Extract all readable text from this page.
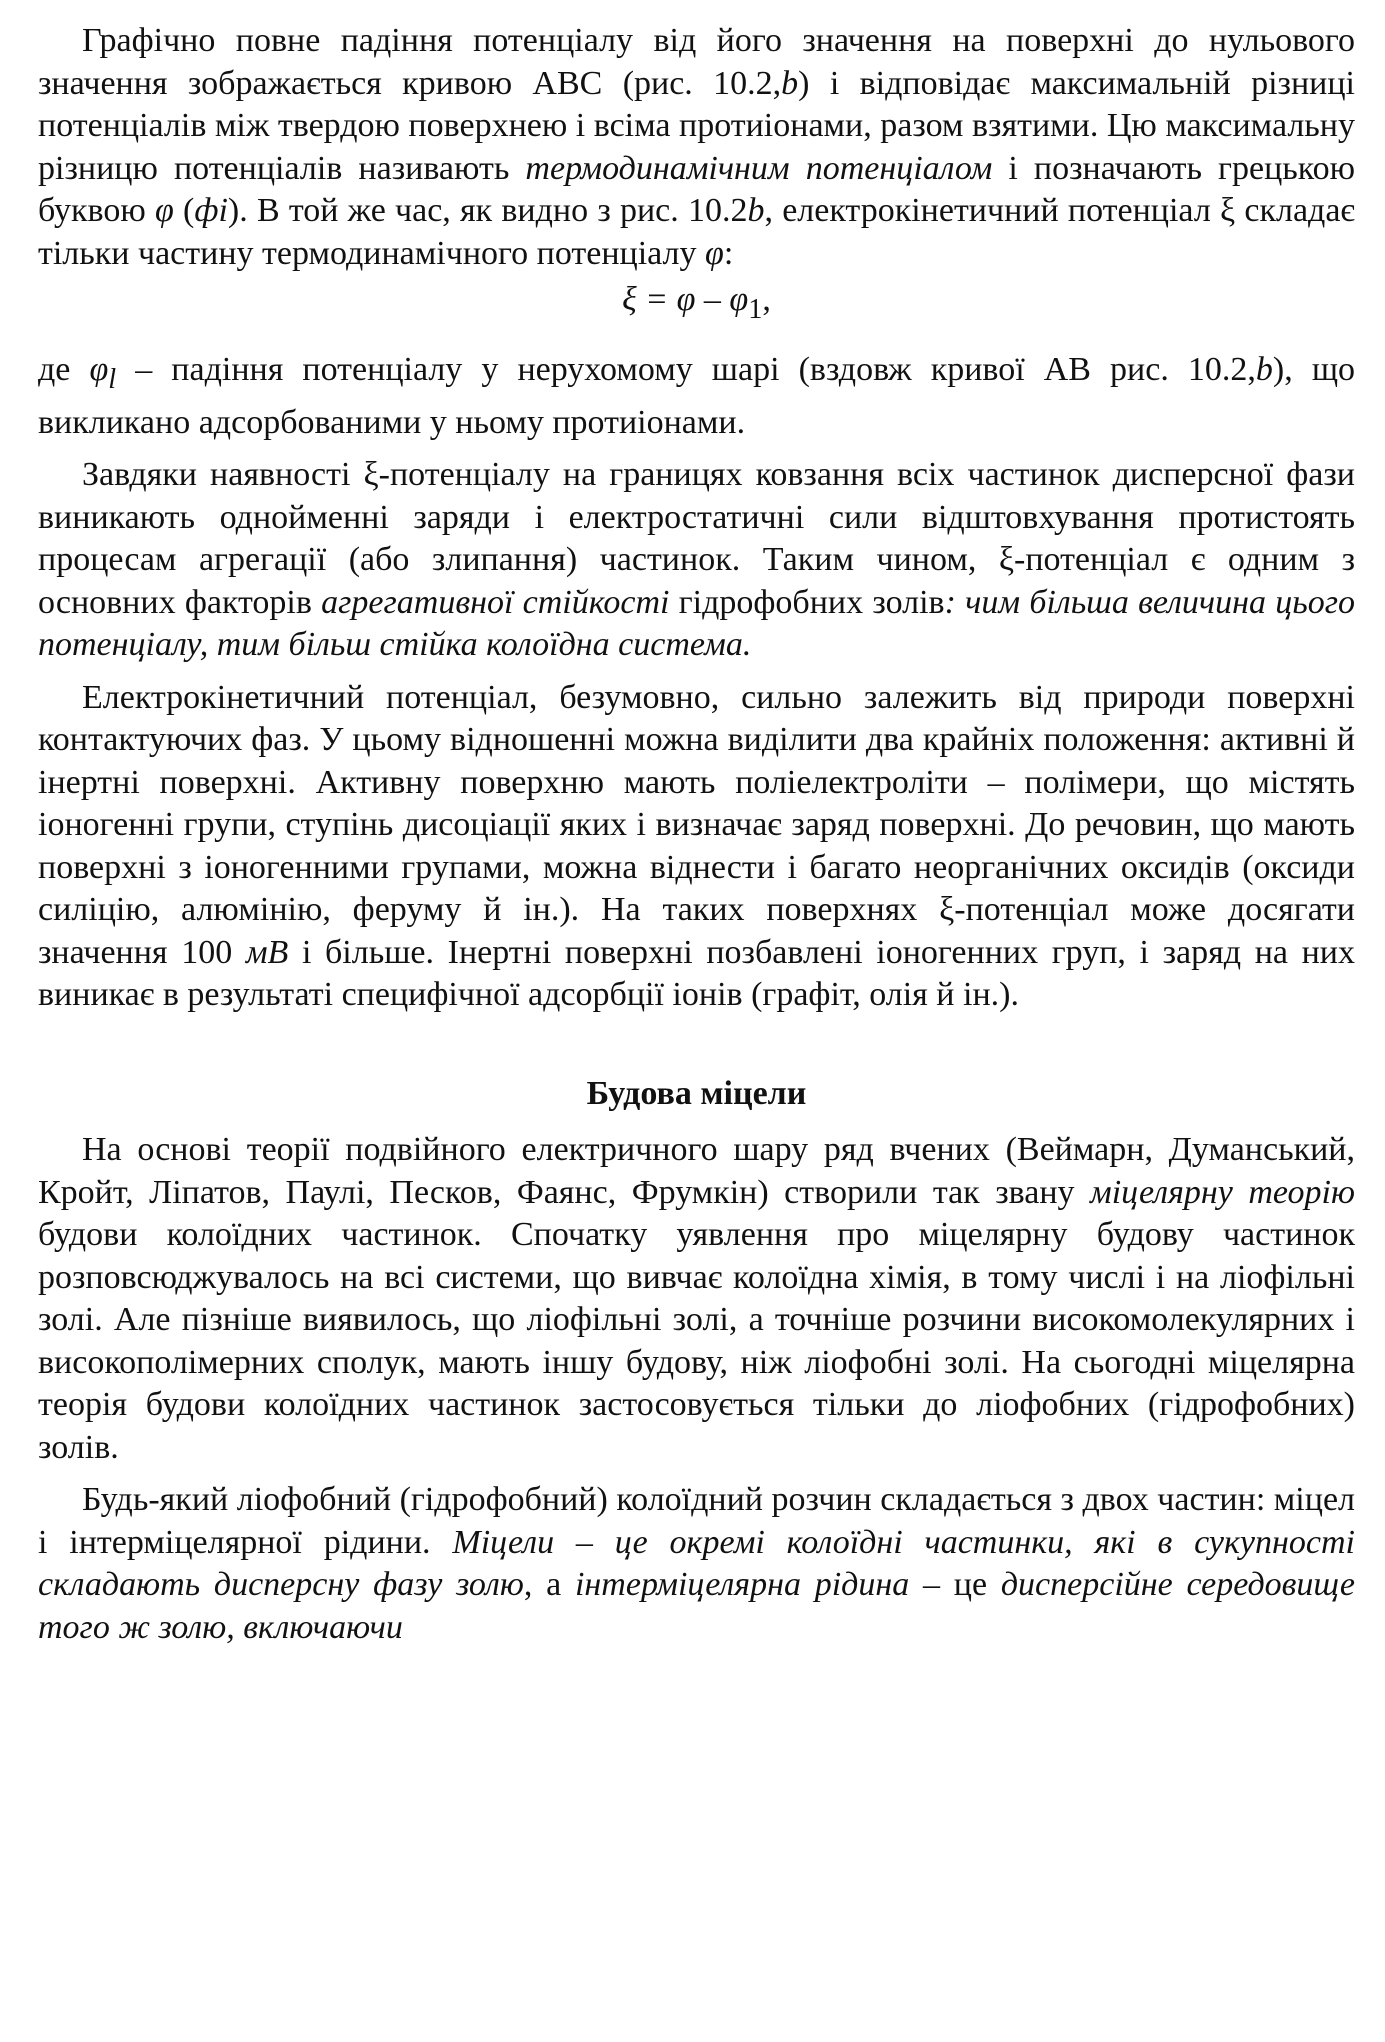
Графічно повне падіння потенціалу від його значення на поверхні до нульового значення зображається кривою АВС (рис. 10.2,b) і відповідає максимальній різниці потенціалів між твердою поверхнею і всіма протиіонами, разом взятими. Цю максимальну різницю потенціалів називають термодинамічним потенціалом і позначають грецькою буквою φ (фі). В той же час, як видно з рис. 10.2b, електрокінетичний потенціал ξ складає тільки частину термодинамічного потенціалу φ:

$\xi = \varphi - \varphi_1$,

де $\varphi_l$ – падіння потенціалу у нерухомому шарі (вздовж кривої АВ рис. 10.2,b), що викликано адсорбованими у ньому протиіонами.

Завдяки наявності ξ-потенціалу на границях ковзання всіх частинок дисперсної фази виникають однойменні заряди і електростатичні сили відштовхування протистоять процесам агрегації (або злипання) частинок. Таким чином, ξ-потенціал є одним з основних факторів агрегативної стійкості гідрофобних золів: чим більша величина цього потенціалу, тим більш стійка колоїдна система.

Електрокінетичний потенціал, безумовно, сильно залежить від природи поверхні контактуючих фаз. У цьому відношенні можна виділити два крайніх положення: активні й інертні поверхні. Активну поверхню мають поліелектроліти – полімери, що містять іоногенні групи, ступінь дисоціації яких і визначає заряд поверхні. До речовин, що мають поверхні з іоногенними групами, можна віднести і багато неорганічних оксидів (оксиди силіцію, алюмінію, феруму й ін.). На таких поверхнях ξ-потенціал може досягати значення 100 мВ і більше. Інертні поверхні позбавлені іоногенних груп, і заряд на них виникає в результаті специфічної адсорбції іонів (графіт, олія й ін.).

Будова міцели

На основі теорії подвійного електричного шару ряд вчених (Веймарн, Думанський, Кройт, Ліпатов, Паулі, Песков, Фаянс, Фрумкін) створили так звану міцелярну теорію будови колоїдних частинок. Спочатку уявлення про міцелярну будову частинок розповсюджувалось на всі системи, що вивчає колоїдна хімія, в тому числі і на ліофільні золі. Але пізніше виявилось, що ліофільні золі, а точніше розчини високомолекулярних і високополімерних сполук, мають іншу будову, ніж ліофобні золі. На сьогодні міцелярна теорія будови колоїдних частинок застосовується тільки до ліофобних (гідрофобних) золів.

Будь-який ліофобний (гідрофобний) колоїдний розчин складається з двох частин: міцел і інтерміцелярної рідини. Міцели – це окремі колоїдні частинки, які в сукупності складають дисперсну фазу золю, а інтерміцелярна рідина – це дисперсійне середовище того ж золю, включаючи
